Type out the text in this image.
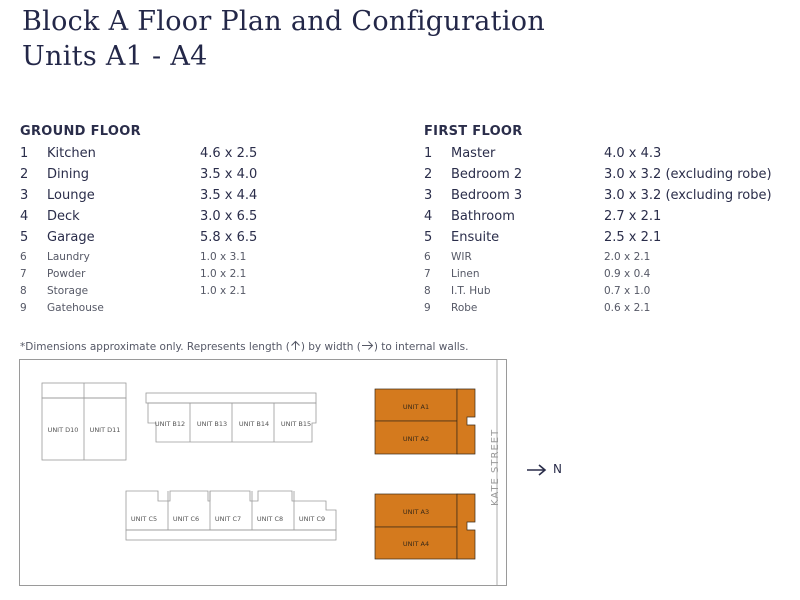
Block A Floor Plan and Configuration
Units A1 - A4
GROUND FLOOR
1 Kitchen	4.6 x 2.5
2 Dining	3.5 x 4.0
3 Lounge	3.5 x 4.4
4 Deck	3.0 x 6.5
5 Garage	5.8 x 6.5
6 Laundry	1.0 x 3.1
7 Powder	1.0 x 2.1
8 Storage	1.0 x 2.1
9 Gatehouse
FIRST FLOOR
1 Master	4.0 x 4.3
2 Bedroom 2	3.0 x 3.2 (excluding robe)
3 Bedroom 3	3.0 x 3.2 (excluding robe)
4 Bathroom	2.7 x 2.1
5 Ensuite	2.5 x 2.1
6 WIR	2.0 x 2.1
7 Linen	0.9 x 0.4
8 I.T. Hub	0.7 x 1.0
9 Robe	0.6 x 2.1
*Dimensions approximate only. Represents length ( ) by width ( ) to internal walls.
UNIT D10 UNIT D11
UNIT B12 UNIT B13 UNIT B14 UNIT B15
UNIT C5 UNIT C6 UNIT C7 UNIT C8 UNIT C9
UNIT A1
UNIT A2
UNIT A3
UNIT A4
KATE STREET	N
